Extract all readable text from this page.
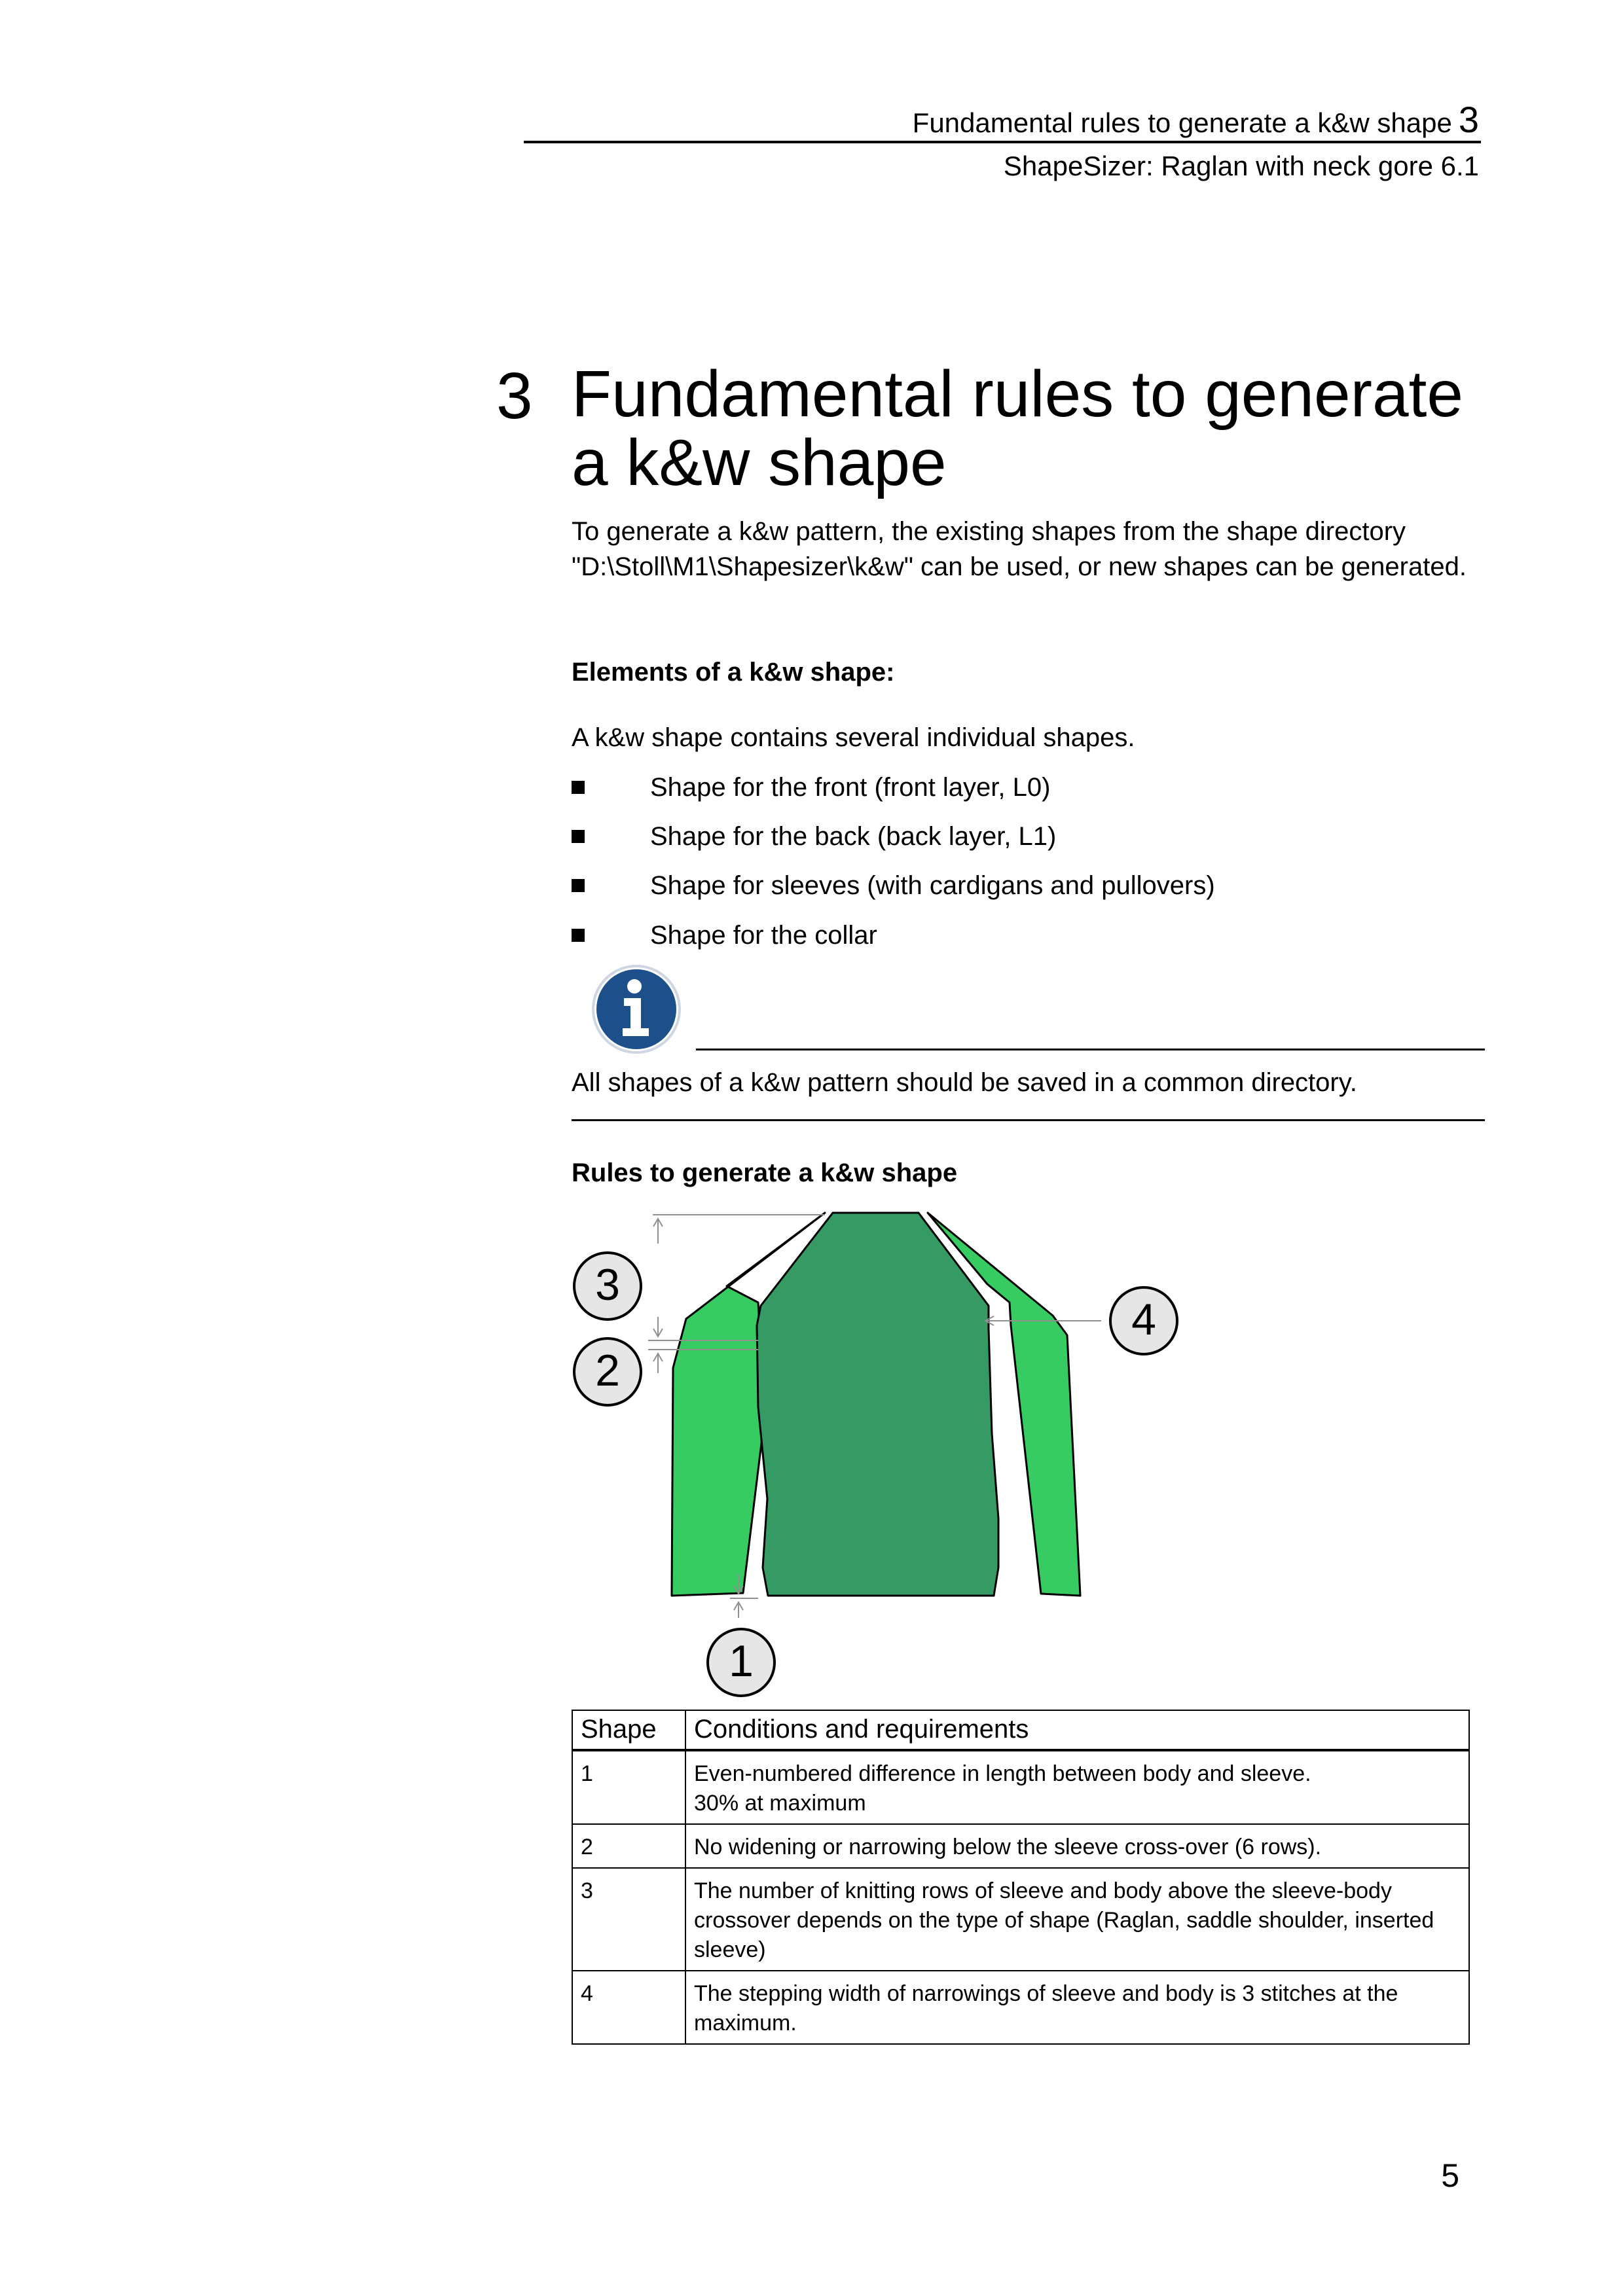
Fundamental rules to generate a k&w shape 3
ShapeSizer: Raglan with neck gore 6.1
3 Fundamental rules to generate a k&w shape
To generate a k&w pattern, the existing shapes from the shape directory "D:\Stoll\M1\Shapesizer\k&w" can be used, or new shapes can be generated.
Elements of a k&w shape:
A k&w shape contains several individual shapes.
Shape for the front (front layer, L0)
Shape for the back (back layer, L1)
Shape for sleeves (with cardigans and pullovers)
Shape for the collar
All shapes of a k&w pattern should be saved in a common directory.
Rules to generate a k&w shape
3
2
4
1
Shape	Conditions and requirements
1	Even-numbered difference in length between body and sleeve.
30% at maximum

2	No widening or narrowing below the sleeve cross-over (6 rows).
3	The number of knitting rows of sleeve and body above the sleeve-body crossover depends on the type of shape (Raglan, saddle shoulder, inserted sleeve)
4	The stepping width of narrowings of sleeve and body is 3 stitches at the maximum.
5
